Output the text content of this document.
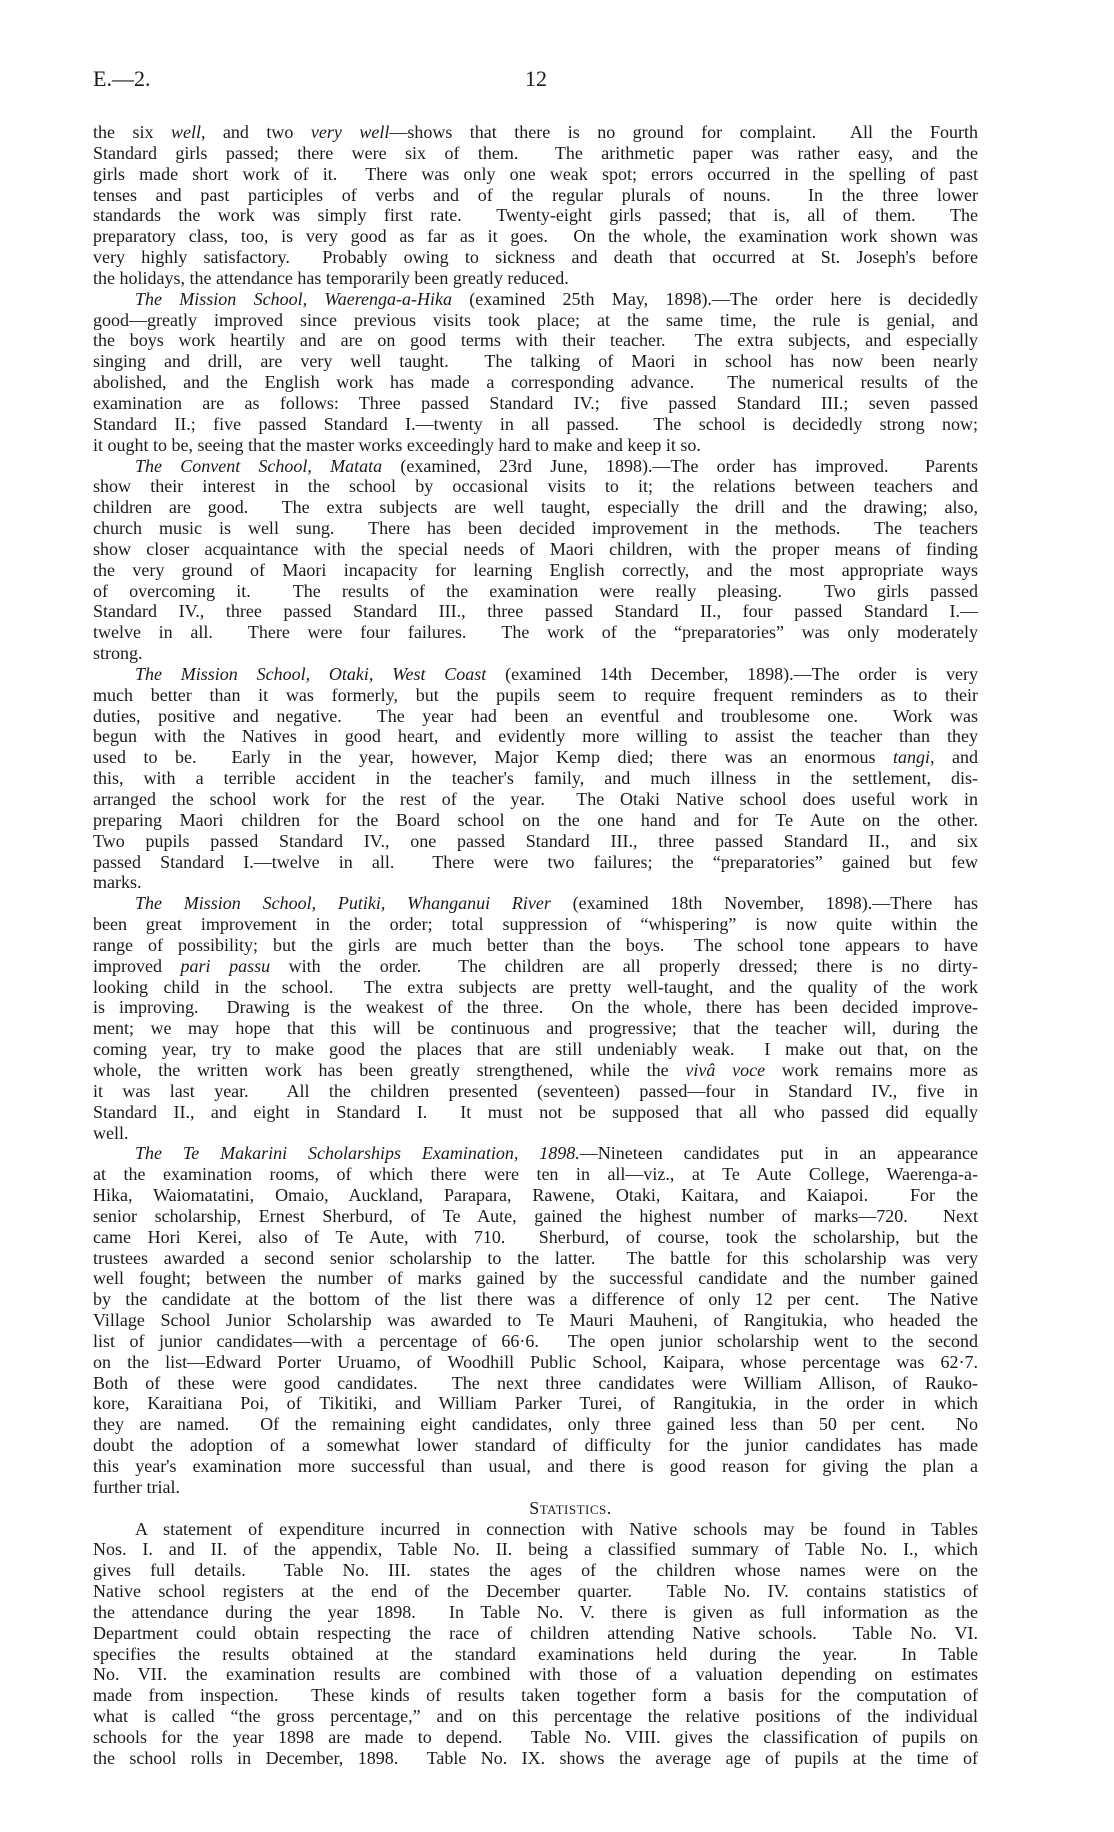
E.—2.	12
the six well, and two very well—shows that there is no ground for complaint.  All the Fourth
Standard girls passed; there were six of them.  The arithmetic paper was rather easy, and the
girls made short work of it.  There was only one weak spot; errors occurred in the spelling of past
tenses and past participles of verbs and of the regular plurals of nouns.  In the three lower
standards the work was simply first rate.  Twenty-eight girls passed; that is, all of them.  The
preparatory class, too, is very good as far as it goes.  On the whole, the examination work shown was
very highly satisfactory.  Probably owing to sickness and death that occurred at St. Joseph's before
the holidays, the attendance has temporarily been greatly reduced.
The Mission School, Waerenga-a-Hika (examined 25th May, 1898).—The order here is decidedly
good—greatly improved since previous visits took place; at the same time, the rule is genial, and
the boys work heartily and are on good terms with their teacher.  The extra subjects, and especially
singing and drill, are very well taught.  The talking of Maori in school has now been nearly
abolished, and the English work has made a corresponding advance.  The numerical results of the
examination are as follows: Three passed Standard IV.; five passed Standard III.; seven passed
Standard II.; five passed Standard I.—twenty in all passed.  The school is decidedly strong now;
it ought to be, seeing that the master works exceedingly hard to make and keep it so.
The Convent School, Matata (examined, 23rd June, 1898).—The order has improved.  Parents
show their interest in the school by occasional visits to it; the relations between teachers and
children are good.  The extra subjects are well taught, especially the drill and the drawing; also,
church music is well sung.  There has been decided improvement in the methods.  The teachers
show closer acquaintance with the special needs of Maori children, with the proper means of finding
the very ground of Maori incapacity for learning English correctly, and the most appropriate ways
of overcoming it.  The results of the examination were really pleasing.  Two girls passed
Standard IV., three passed Standard III., three passed Standard II., four passed Standard I.—
twelve in all.  There were four failures.  The work of the “preparatories” was only moderately
strong.
The Mission School, Otaki, West Coast (examined 14th December, 1898).—The order is very
much better than it was formerly, but the pupils seem to require frequent reminders as to their
duties, positive and negative.  The year had been an eventful and troublesome one.  Work was
begun with the Natives in good heart, and evidently more willing to assist the teacher than they
used to be.  Early in the year, however, Major Kemp died; there was an enormous tangi, and
this, with a terrible accident in the teacher's family, and much illness in the settlement, dis-
arranged the school work for the rest of the year.  The Otaki Native school does useful work in
preparing Maori children for the Board school on the one hand and for Te Aute on the other.
Two pupils passed Standard IV., one passed Standard III., three passed Standard II., and six
passed Standard I.—twelve in all.  There were two failures; the “preparatories” gained but few
marks.
The Mission School, Putiki, Whanganui River (examined 18th November, 1898).—There has
been great improvement in the order; total suppression of “whispering” is now quite within the
range of possibility; but the girls are much better than the boys.  The school tone appears to have
improved pari passu with the order.  The children are all properly dressed; there is no dirty-
looking child in the school.  The extra subjects are pretty well-taught, and the quality of the work
is improving.  Drawing is the weakest of the three.  On the whole, there has been decided improve-
ment; we may hope that this will be continuous and progressive; that the teacher will, during the
coming year, try to make good the places that are still undeniably weak.  I make out that, on the
whole, the written work has been greatly strengthened, while the vivâ voce work remains more as
it was last year.  All the children presented (seventeen) passed—four in Standard IV., five in
Standard II., and eight in Standard I.  It must not be supposed that all who passed did equally
well.
The Te Makarini Scholarships Examination, 1898.—Nineteen candidates put in an appearance
at the examination rooms, of which there were ten in all—viz., at Te Aute College, Waerenga-a-
Hika, Waiomatatini, Omaio, Auckland, Parapara, Rawene, Otaki, Kaitara, and Kaiapoi.  For the
senior scholarship, Ernest Sherburd, of Te Aute, gained the highest number of marks—720.  Next
came Hori Kerei, also of Te Aute, with 710.  Sherburd, of course, took the scholarship, but the
trustees awarded a second senior scholarship to the latter.  The battle for this scholarship was very
well fought; between the number of marks gained by the successful candidate and the number gained
by the candidate at the bottom of the list there was a difference of only 12 per cent.  The Native
Village School Junior Scholarship was awarded to Te Mauri Mauheni, of Rangitukia, who headed the
list of junior candidates—with a percentage of 66·6.  The open junior scholarship went to the second
on the list—Edward Porter Uruamo, of Woodhill Public School, Kaipara, whose percentage was 62·7.
Both of these were good candidates.  The next three candidates were William Allison, of Rauko-
kore, Karaitiana Poi, of Tikitiki, and William Parker Turei, of Rangitukia, in the order in which
they are named.  Of the remaining eight candidates, only three gained less than 50 per cent.  No
doubt the adoption of a somewhat lower standard of difficulty for the junior candidates has made
this year's examination more successful than usual, and there is good reason for giving the plan a
further trial.
Statistics.
A statement of expenditure incurred in connection with Native schools may be found in Tables
Nos. I. and II. of the appendix, Table No. II. being a classified summary of Table No. I., which
gives full details.  Table No. III. states the ages of the children whose names were on the
Native school registers at the end of the December quarter.  Table No. IV. contains statistics of
the attendance during the year 1898.  In Table No. V. there is given as full information as the
Department could obtain respecting the race of children attending Native schools.  Table No. VI.
specifies the results obtained at the standard examinations held during the year.  In Table
No. VII. the examination results are combined with those of a valuation depending on estimates
made from inspection.  These kinds of results taken together form a basis for the computation of
what is called “the gross percentage,” and on this percentage the relative positions of the individual
schools for the year 1898 are made to depend.  Table No. VIII. gives the classification of pupils on
the school rolls in December, 1898.  Table No. IX. shows the average age of pupils at the time of
